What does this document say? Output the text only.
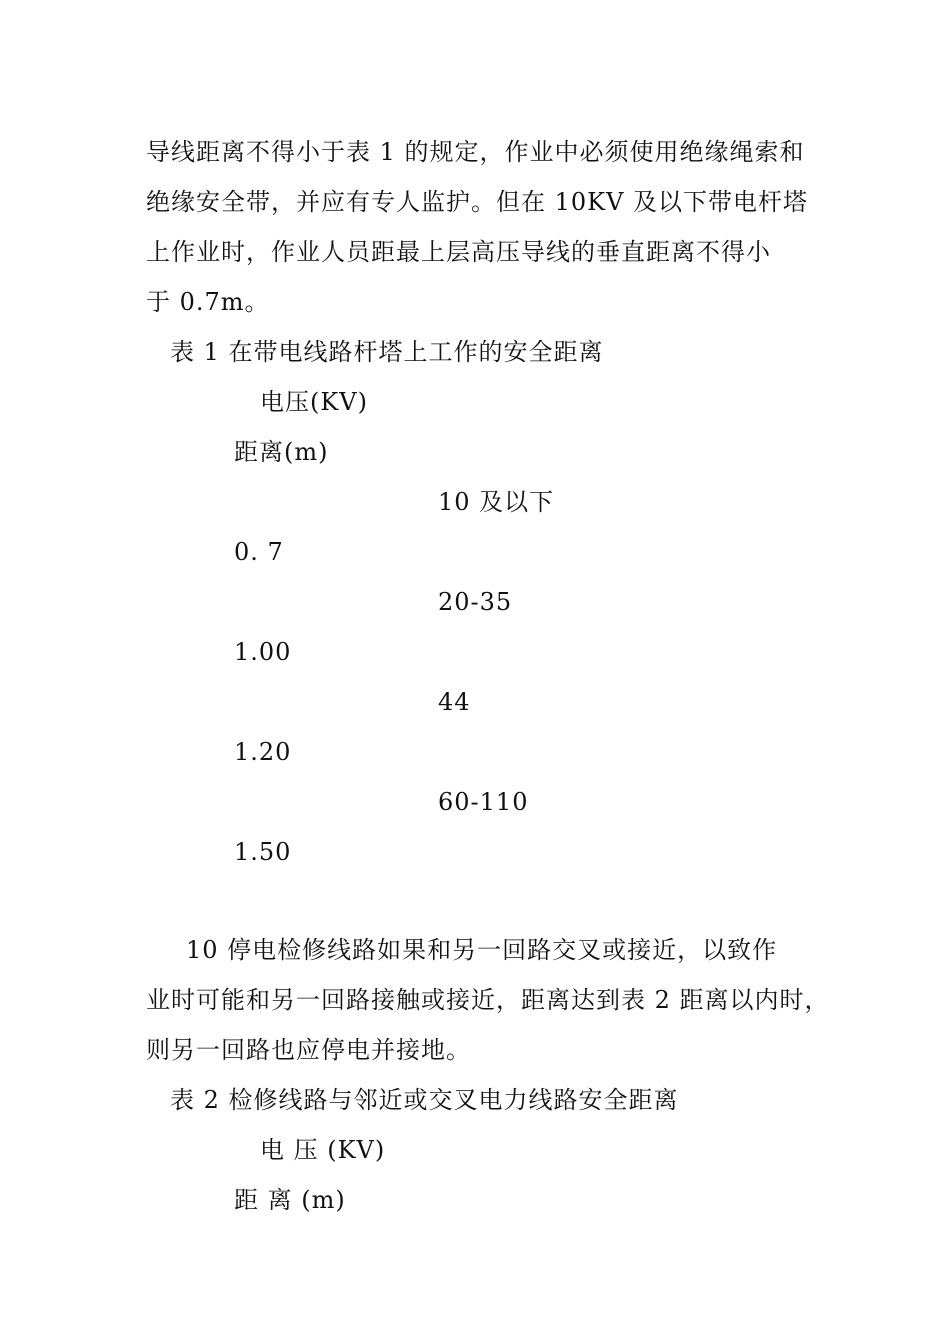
导线距离不得小于表 1 的规定，作业中必须使用绝缘绳索和
绝缘安全带，并应有专人监护。但在 10KV 及以下带电杆塔
上作业时，作业人员距最上层高压导线的垂直距离不得小
于 0.7m。
表 1 在带电线路杆塔上工作的安全距离
电压(KV)
距离(m)
10 及以下
0. 7
20-35
1.00
44
1.20
60-110
1.50
10 停电检修线路如果和另一回路交叉或接近，以致作
业时可能和另一回路接触或接近，距离达到表 2 距离以内时，
则另一回路也应停电并接地。
表 2 检修线路与邻近或交叉电力线路安全距离
电 压 (KV)
距 离 (m)
